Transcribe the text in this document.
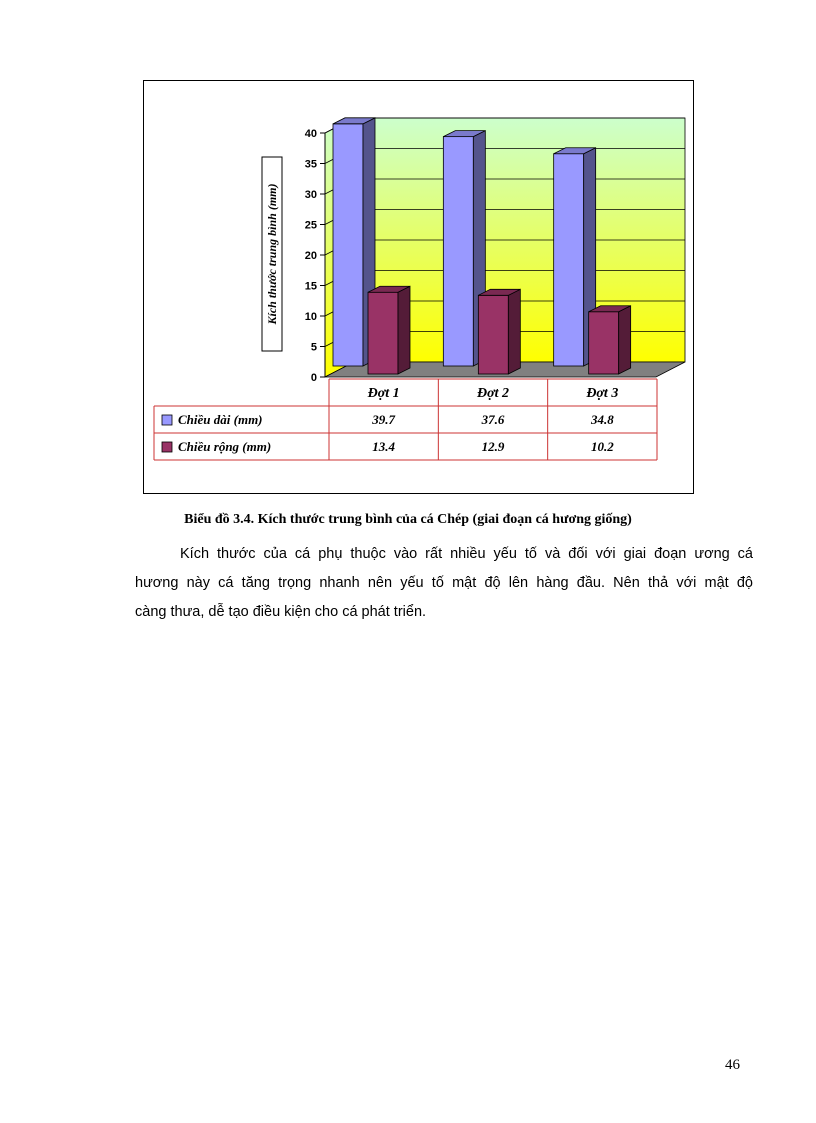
0
5
10
15
20
25
30
35
40
Kích thước trung bình (mm)
Đợt 1	Đợt 2	Đợt 3
Chiều dài (mm)	39.7	37.6	34.8
Chiều rộng (mm)	13.4	12.9	10.2
Biểu đồ 3.4. Kích thước trung bình của cá Chép (giai đoạn cá hương giống)
Kích thước của cá phụ thuộc vào rất nhiều yếu tố và đối với giai đoạn ương cá
hương này cá tăng trọng nhanh nên yếu tố mật độ lên hàng đầu. Nên thả với mật độ
càng thưa, dễ tạo điều kiện cho cá phát triển.
46
